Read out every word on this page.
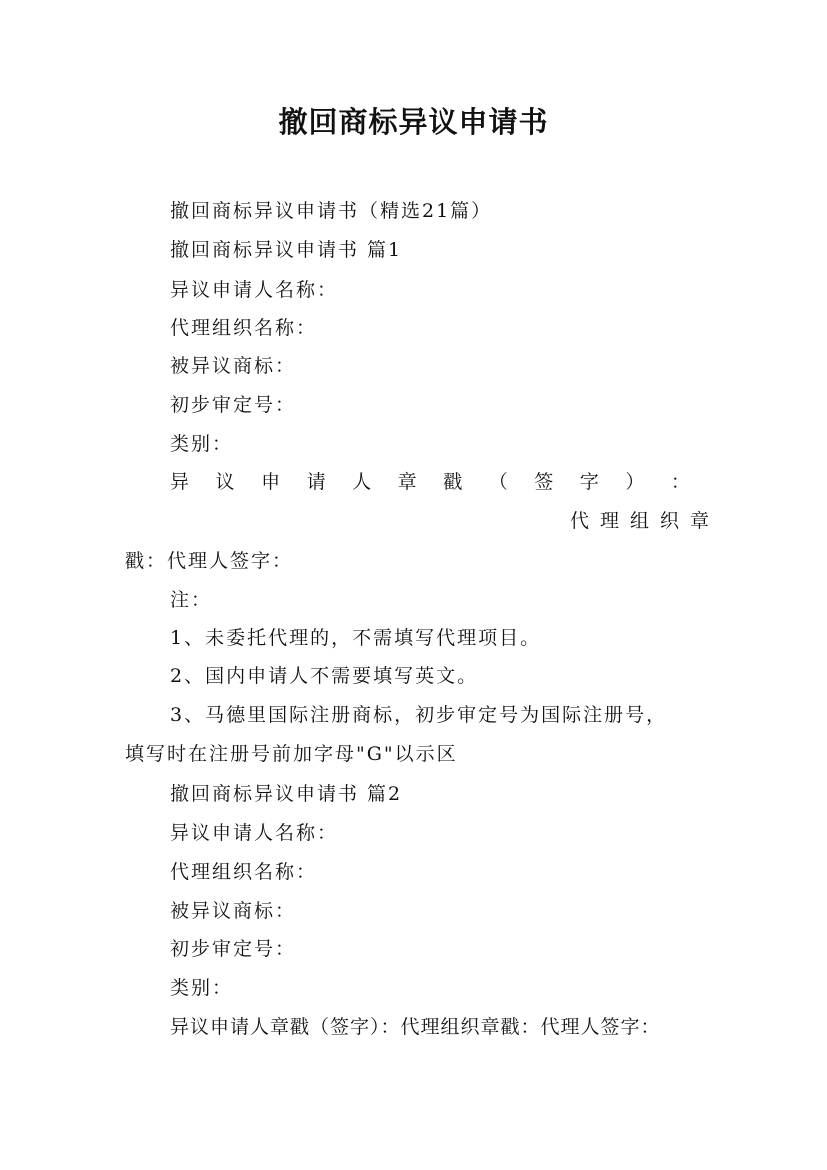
撤回商标异议申请书
撤回商标异议申请书（精选21篇）
撤回商标异议申请书 篇1
异议申请人名称：
代理组织名称：
被异议商标：
初步审定号：
类别：
异 议 申 请 人 章 戳 （ 签 字 ） ：
代理组织章
戳：代理人签字：
注：
1、未委托代理的，不需填写代理项目。
2、国内申请人不需要填写英文。
3、马德里国际注册商标，初步审定号为国际注册号，
填写时在注册号前加字母"G"以示区
撤回商标异议申请书 篇2
异议申请人名称：
代理组织名称：
被异议商标：
初步审定号：
类别：
异议申请人章戳（签字）：代理组织章戳：代理人签字：
